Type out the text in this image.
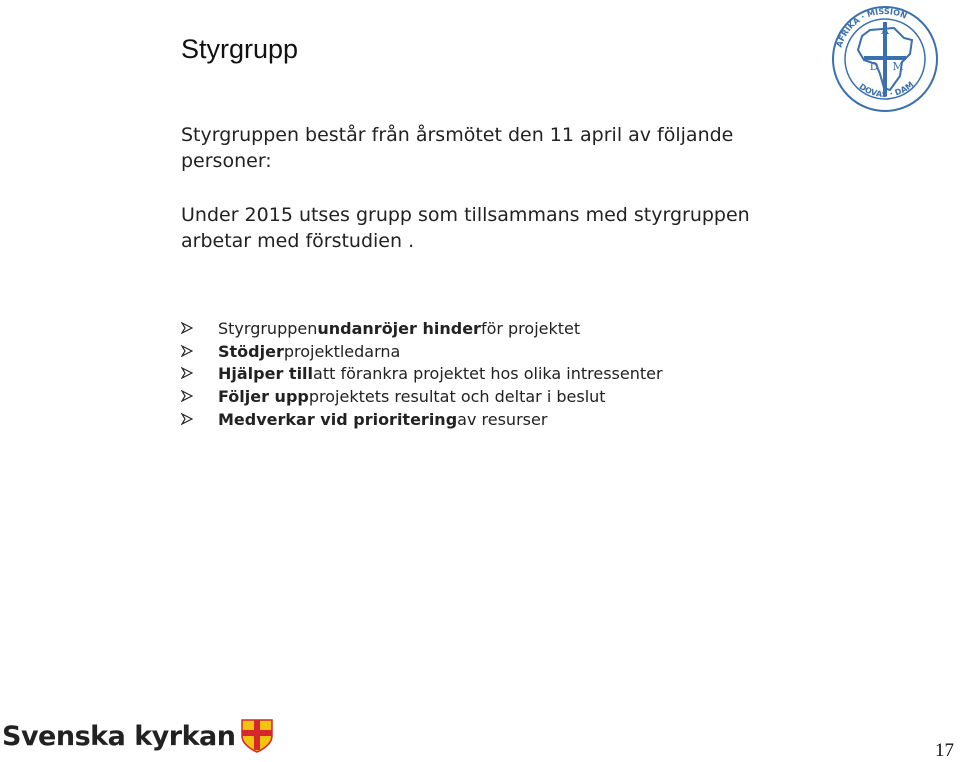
Styrgrupp
A
D M
AFRIKA · MISSION
DOVAS · DAM
Styrgruppen består från årsmötet den 11 april av följande personer:
Under 2015 utses grupp som tillsammans med styrgruppen arbetar med förstudien .
Styrgruppen undanröjer hinder för projektet
Stödjer projektledarna
Hjälper till att förankra projektet hos olika intressenter
Följer upp projektets resultat och deltar i beslut
Medverkar vid prioritering av resurser
Svenska kyrkan	17
